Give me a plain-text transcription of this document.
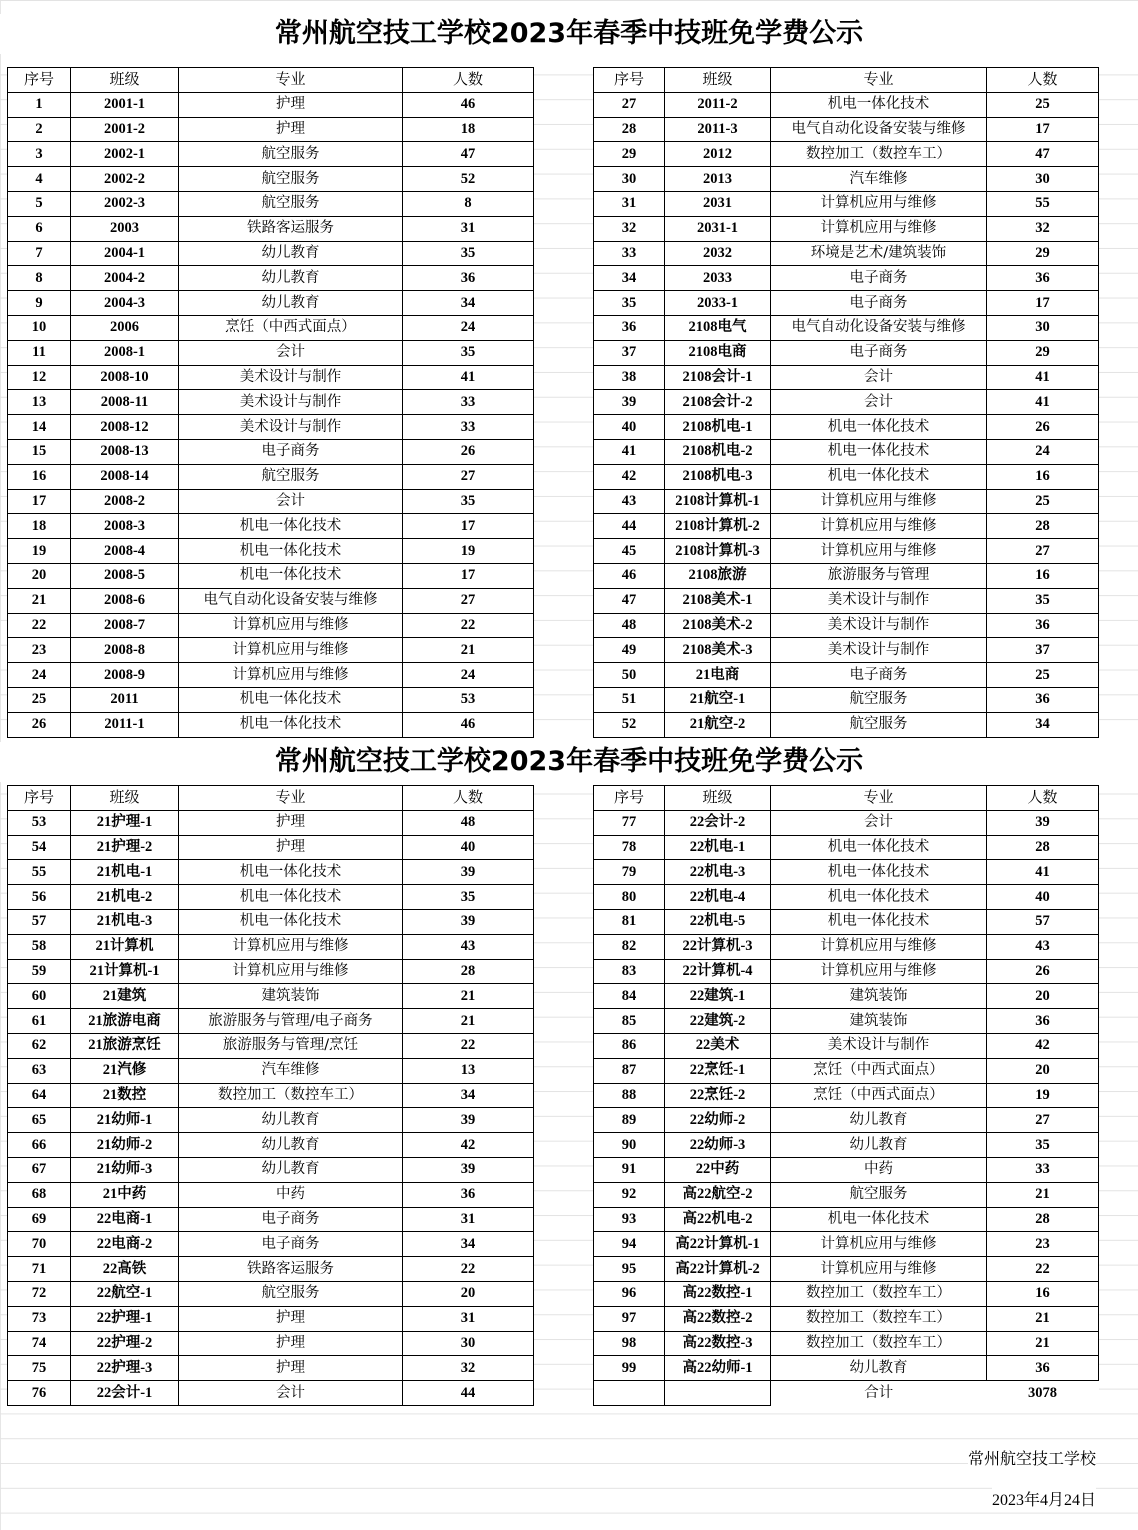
常州航空技工学校2023年春季中技班免学费公示
序号	班级	专业	人数
1	2001-1	护理	46
2	2001-2	护理	18
3	2002-1	航空服务	47
4	2002-2	航空服务	52
5	2002-3	航空服务	8
6	2003	铁路客运服务	31
7	2004-1	幼儿教育	35
8	2004-2	幼儿教育	36
9	2004-3	幼儿教育	34
10	2006	烹饪（中西式面点）	24
11	2008-1	会计	35
12	2008-10	美术设计与制作	41
13	2008-11	美术设计与制作	33
14	2008-12	美术设计与制作	33
15	2008-13	电子商务	26
16	2008-14	航空服务	27
17	2008-2	会计	35
18	2008-3	机电一体化技术	17
19	2008-4	机电一体化技术	19
20	2008-5	机电一体化技术	17
21	2008-6	电气自动化设备安装与维修	27
22	2008-7	计算机应用与维修	22
23	2008-8	计算机应用与维修	21
24	2008-9	计算机应用与维修	24
25	2011	机电一体化技术	53
26	2011-1	机电一体化技术	46
序号	班级	专业	人数
27	2011-2	机电一体化技术	25
28	2011-3	电气自动化设备安装与维修	17
29	2012	数控加工（数控车工）	47
30	2013	汽车维修	30
31	2031	计算机应用与维修	55
32	2031-1	计算机应用与维修	32
33	2032	环境是艺术/建筑装饰	29
34	2033	电子商务	36
35	2033-1	电子商务	17
36	2108电气	电气自动化设备安装与维修	30
37	2108电商	电子商务	29
38	2108会计-1	会计	41
39	2108会计-2	会计	41
40	2108机电-1	机电一体化技术	26
41	2108机电-2	机电一体化技术	24
42	2108机电-3	机电一体化技术	16
43	2108计算机-1	计算机应用与维修	25
44	2108计算机-2	计算机应用与维修	28
45	2108计算机-3	计算机应用与维修	27
46	2108旅游	旅游服务与管理	16
47	2108美术-1	美术设计与制作	35
48	2108美术-2	美术设计与制作	36
49	2108美术-3	美术设计与制作	37
50	21电商	电子商务	25
51	21航空-1	航空服务	36
52	21航空-2	航空服务	34
常州航空技工学校2023年春季中技班免学费公示
序号	班级	专业	人数
53	21护理-1	护理	48
54	21护理-2	护理	40
55	21机电-1	机电一体化技术	39
56	21机电-2	机电一体化技术	35
57	21机电-3	机电一体化技术	39
58	21计算机	计算机应用与维修	43
59	21计算机-1	计算机应用与维修	28
60	21建筑	建筑装饰	21
61	21旅游电商	旅游服务与管理/电子商务	21
62	21旅游烹饪	旅游服务与管理/烹饪	22
63	21汽修	汽车维修	13
64	21数控	数控加工（数控车工）	34
65	21幼师-1	幼儿教育	39
66	21幼师-2	幼儿教育	42
67	21幼师-3	幼儿教育	39
68	21中药	中药	36
69	22电商-1	电子商务	31
70	22电商-2	电子商务	34
71	22高铁	铁路客运服务	22
72	22航空-1	航空服务	20
73	22护理-1	护理	31
74	22护理-2	护理	30
75	22护理-3	护理	32
76	22会计-1	会计	44
序号	班级	专业	人数
77	22会计-2	会计	39
78	22机电-1	机电一体化技术	28
79	22机电-3	机电一体化技术	41
80	22机电-4	机电一体化技术	40
81	22机电-5	机电一体化技术	57
82	22计算机-3	计算机应用与维修	43
83	22计算机-4	计算机应用与维修	26
84	22建筑-1	建筑装饰	20
85	22建筑-2	建筑装饰	36
86	22美术	美术设计与制作	42
87	22烹饪-1	烹饪（中西式面点）	20
88	22烹饪-2	烹饪（中西式面点）	19
89	22幼师-2	幼儿教育	27
90	22幼师-3	幼儿教育	35
91	22中药	中药	33
92	高22航空-2	航空服务	21
93	高22机电-2	机电一体化技术	28
94	高22计算机-1	计算机应用与维修	23
95	高22计算机-2	计算机应用与维修	22
96	高22数控-1	数控加工（数控车工）	16
97	高22数控-2	数控加工（数控车工）	21
98	高22数控-3	数控加工（数控车工）	21
99	高22幼师-1	幼儿教育	36
		合计	3078
常州航空技工学校
2023年4月24日
